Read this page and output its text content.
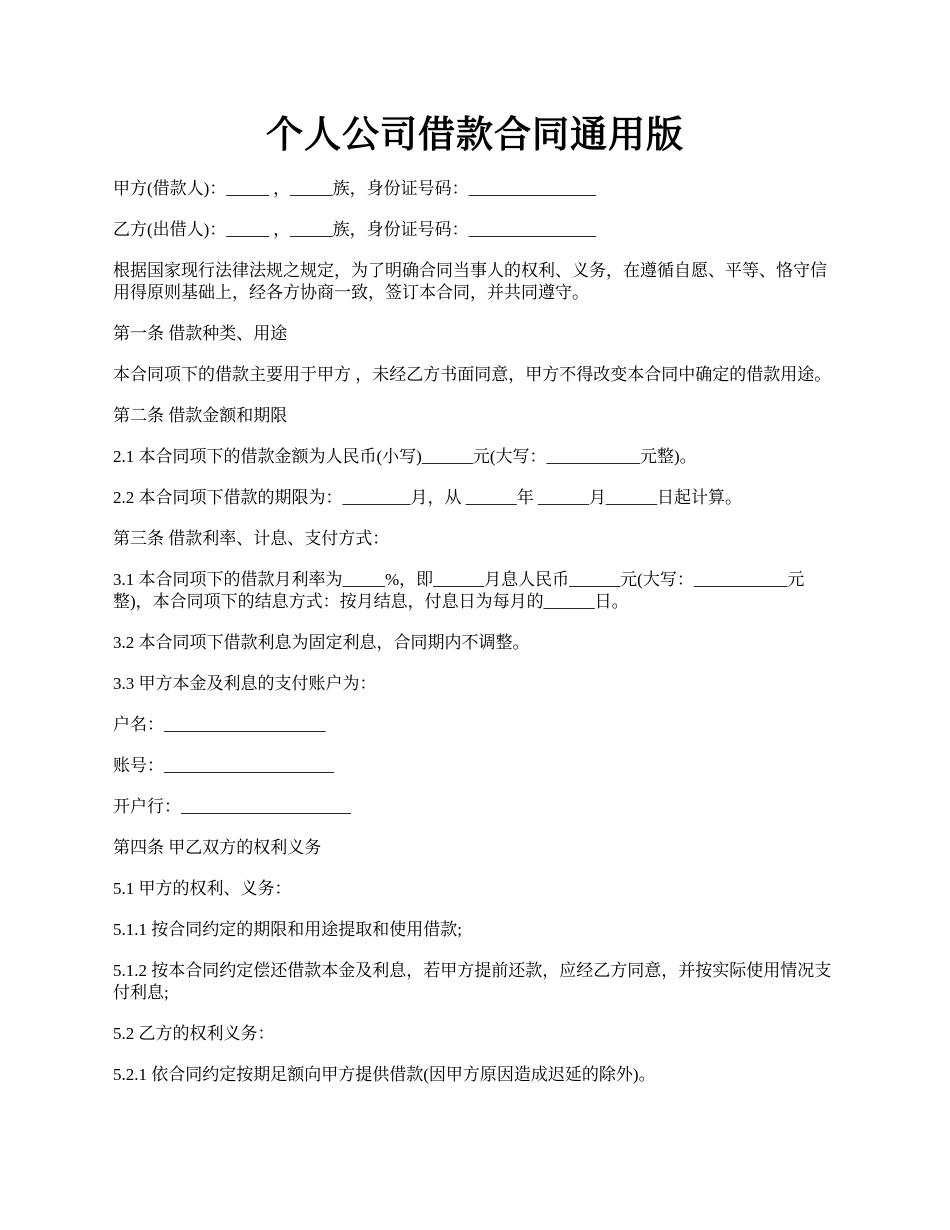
个人公司借款合同通用版

甲方(借款人)：_____ ，_____族，身份证号码：_______________

乙方(出借人)：_____ ，_____族，身份证号码：_______________

根据国家现行法律法规之规定，为了明确合同当事人的权利、义务，在遵循自愿、平等、恪守信用得原则基础上，经各方协商一致，签订本合同，并共同遵守。

第一条 借款种类、用途

本合同项下的借款主要用于甲方 ，未经乙方书面同意，甲方不得改变本合同中确定的借款用途。

第二条 借款金额和期限

2.1 本合同项下的借款金额为人民币(小写)______元(大写：___________元整)。

2.2 本合同项下借款的期限为：________月，从 ______年 ______月______日起计算。

第三条 借款利率、计息、支付方式：

3.1 本合同项下的借款月利率为_____%，即______月息人民币______元(大写：___________元整)，本合同项下的结息方式：按月结息，付息日为每月的______日。

3.2 本合同项下借款利息为固定利息，合同期内不调整。

3.3 甲方本金及利息的支付账户为：

户名：___________________

账号：____________________

开户行：____________________

第四条 甲乙双方的权利义务

5.1 甲方的权利、义务：

5.1.1 按合同约定的期限和用途提取和使用借款;

5.1.2 按本合同约定偿还借款本金及利息，若甲方提前还款，应经乙方同意，并按实际使用情况支付利息;

5.2 乙方的权利义务：

5.2.1 依合同约定按期足额向甲方提供借款(因甲方原因造成迟延的除外)。
